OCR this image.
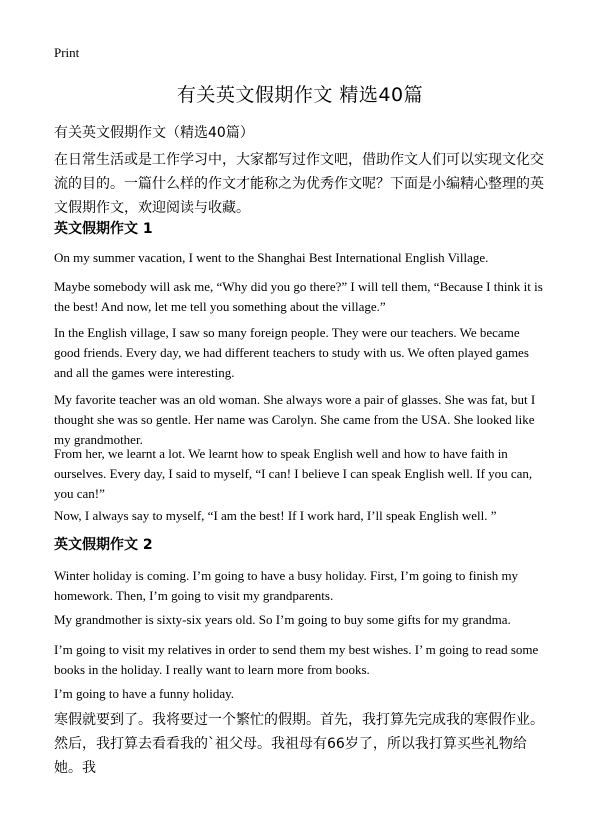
Print
有关英文假期作文 精选40篇
有关英文假期作文（精选40篇）

在日常生活或是工作学习中，大家都写过作文吧，借助作文人们可以实现文化交流的目的。一篇什么样的作文才能称之为优秀作文呢？下面是小编精心整理的英文假期作文，欢迎阅读与收藏。

英文假期作文 1

On my summer vacation, I went to the Shanghai Best International English Village.

Maybe somebody will ask me, “Why did you go there?” I will tell them, “Because I think it is the best! And now, let me tell you something about the village.”

In the English village, I saw so many foreign people. They were our teachers. We became good friends. Every day, we had different teachers to study with us. We often played games and all the games were interesting.

My favorite teacher was an old woman. She always wore a pair of glasses. She was fat, but I thought she was so gentle. Her name was Carolyn. She came from the USA. She looked like my grandmother.

From her, we learnt a lot. We learnt how to speak English well and how to have faith in ourselves. Every day, I said to myself, “I can! I believe I can speak English well. If you can, you can!”

Now, I always say to myself, “I am the best! If I work hard, I’ll speak English well. ”

英文假期作文 2

Winter holiday is coming. I’m going to have a busy holiday. First, I’m going to finish my homework. Then, I’m going to visit my grandparents.

My grandmother is sixty-six years old. So I’m going to buy some gifts for my grandma.

I’m going to visit my relatives in order to send them my best wishes. I’ m going to read some books in the holiday. I really want to learn more from books.

I’m going to have a funny holiday.

寒假就要到了。我将要过一个繁忙的假期。首先，我打算先完成我的寒假作业。然后，我打算去看看我的`祖父母。我祖母有66岁了，所以我打算买些礼物给她。我
